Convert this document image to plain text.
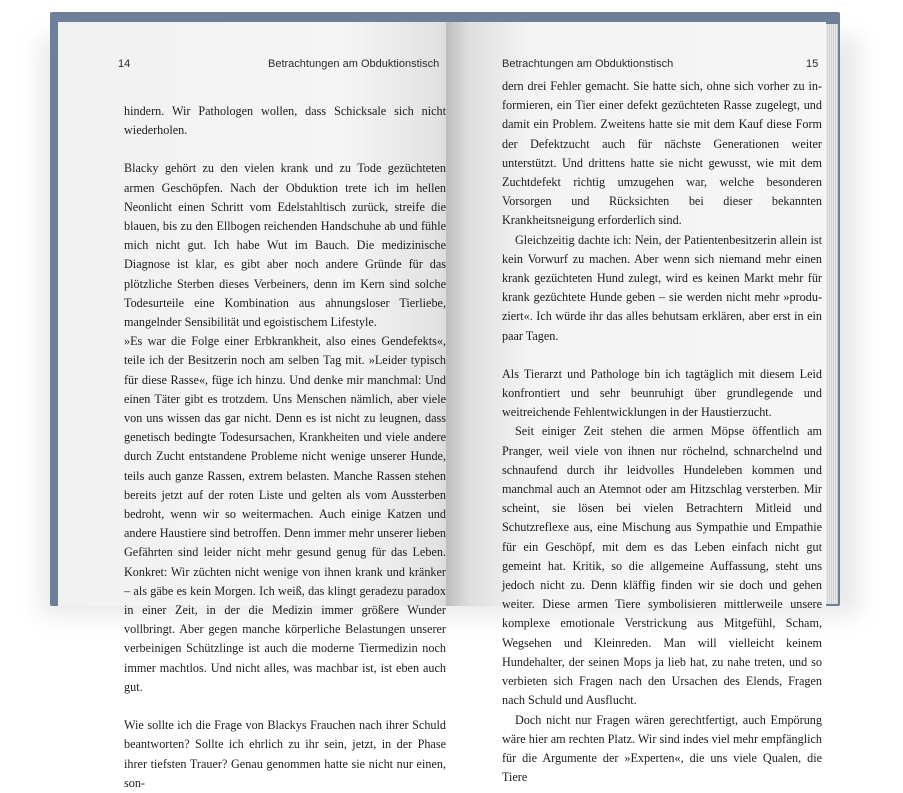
14	Betrachtungen am Obduktionstisch

hindern. Wir Pathologen wollen, dass Schicksale sich nicht wiederholen.

Blacky gehört zu den vielen krank und zu Tode gezüchteten armen Geschöpfen. Nach der Obduktion trete ich im hellen Neonlicht einen Schritt vom Edelstahltisch zurück, streife die blauen, bis zu den Ellbogen reichenden Handschuhe ab und fühle mich nicht gut. Ich habe Wut im Bauch. Die medizinische Diagnose ist klar, es gibt aber noch andere Gründe für das plötzliche Sterben dieses Verbeiners, denn im Kern sind solche Todesurteile eine Kombination aus ahnungsloser Tierliebe, mangelnder Sensibilität und egoistischem Lifestyle.

»Es war die Folge einer Erbkrankheit, also eines Gendefekts«, teile ich der Besitzerin noch am selben Tag mit. »Leider typisch für diese Rasse«, füge ich hinzu. Und denke mir manchmal: Und einen Täter gibt es trotzdem. Uns Menschen nämlich, aber viele von uns wissen das gar nicht. Denn es ist nicht zu leugnen, dass genetisch bedingte Todesursachen, Krankheiten und viele andere durch Zucht entstandene Probleme nicht wenige unserer Hunde, teils auch ganze Rassen, extrem belasten. Manche Rassen stehen bereits jetzt auf der roten Liste und gelten als vom Aussterben bedroht, wenn wir so weitermachen. Auch einige Katzen und andere Haustiere sind betroffen. Denn immer mehr unserer lieben Gefährten sind leider nicht mehr gesund genug für das Leben. Konkret: Wir züchten nicht wenige von ihnen krank und kränker – als gäbe es kein Morgen. Ich weiß, das klingt geradezu paradox in einer Zeit, in der die Medizin immer größere Wunder vollbringt. Aber gegen manche körperliche Belastungen unserer verbeinigen Schützlinge ist auch die moderne Tiermedizin noch immer machtlos. Und nicht alles, was machbar ist, ist eben auch gut.

Wie sollte ich die Frage von Blackys Frauchen nach ihrer Schuld beantworten? Sollte ich ehrlich zu ihr sein, jetzt, in der Phase ihrer tiefsten Trauer? Genau genommen hatte sie nicht nur einen, son-

Betrachtungen am Obduktionstisch	15

dern drei Fehler gemacht. Sie hatte sich, ohne sich vorher zu informieren, ein Tier einer defekt gezüchteten Rasse zugelegt, und damit ein Problem. Zweitens hatte sie mit dem Kauf diese Form der Defektzucht auch für nächste Generationen weiter unterstützt. Und drittens hatte sie nicht gewusst, wie mit dem Zuchtdefekt richtig umzugehen war, welche besonderen Vorsorgen und Rücksichten bei dieser bekannten Krankheitsneigung erforderlich sind.

Gleichzeitig dachte ich: Nein, der Patientenbesitzerin allein ist kein Vorwurf zu machen. Aber wenn sich niemand mehr einen krank gezüchteten Hund zulegt, wird es keinen Markt mehr für krank gezüchtete Hunde geben – sie werden nicht mehr »produziert«. Ich würde ihr das alles behutsam erklären, aber erst in ein paar Tagen.

Als Tierarzt und Pathologe bin ich tagtäglich mit diesem Leid konfrontiert und sehr beunruhigt über grundlegende und weitreichende Fehlentwicklungen in der Haustierzucht.

Seit einiger Zeit stehen die armen Möpse öffentlich am Pranger, weil viele von ihnen nur röchelnd, schnarchelnd und schnaufend durch ihr leidvolles Hundeleben kommen und manchmal auch an Atemnot oder am Hitzschlag versterben. Mir scheint, sie lösen bei vielen Betrachtern Mitleid und Schutzreflexe aus, eine Mischung aus Sympathie und Empathie für ein Geschöpf, mit dem es das Leben einfach nicht gut gemeint hat. Kritik, so die allgemeine Auffassung, steht uns jedoch nicht zu. Denn kläffig finden wir sie doch und gehen weiter. Diese armen Tiere symbolisieren mittlerweile unsere komplexe emotionale Verstrickung aus Mitgefühl, Scham, Wegsehen und Kleinreden. Man will vielleicht keinem Hundehalter, der seinen Mops ja lieb hat, zu nahe treten, und so verbieten sich Fragen nach den Ursachen des Elends, Fragen nach Schuld und Ausflucht.

Doch nicht nur Fragen wären gerechtfertigt, auch Empörung wäre hier am rechten Platz. Wir sind indes viel mehr empfänglich für die Argumente der »Experten«, die uns viele Qualen, die Tiere
